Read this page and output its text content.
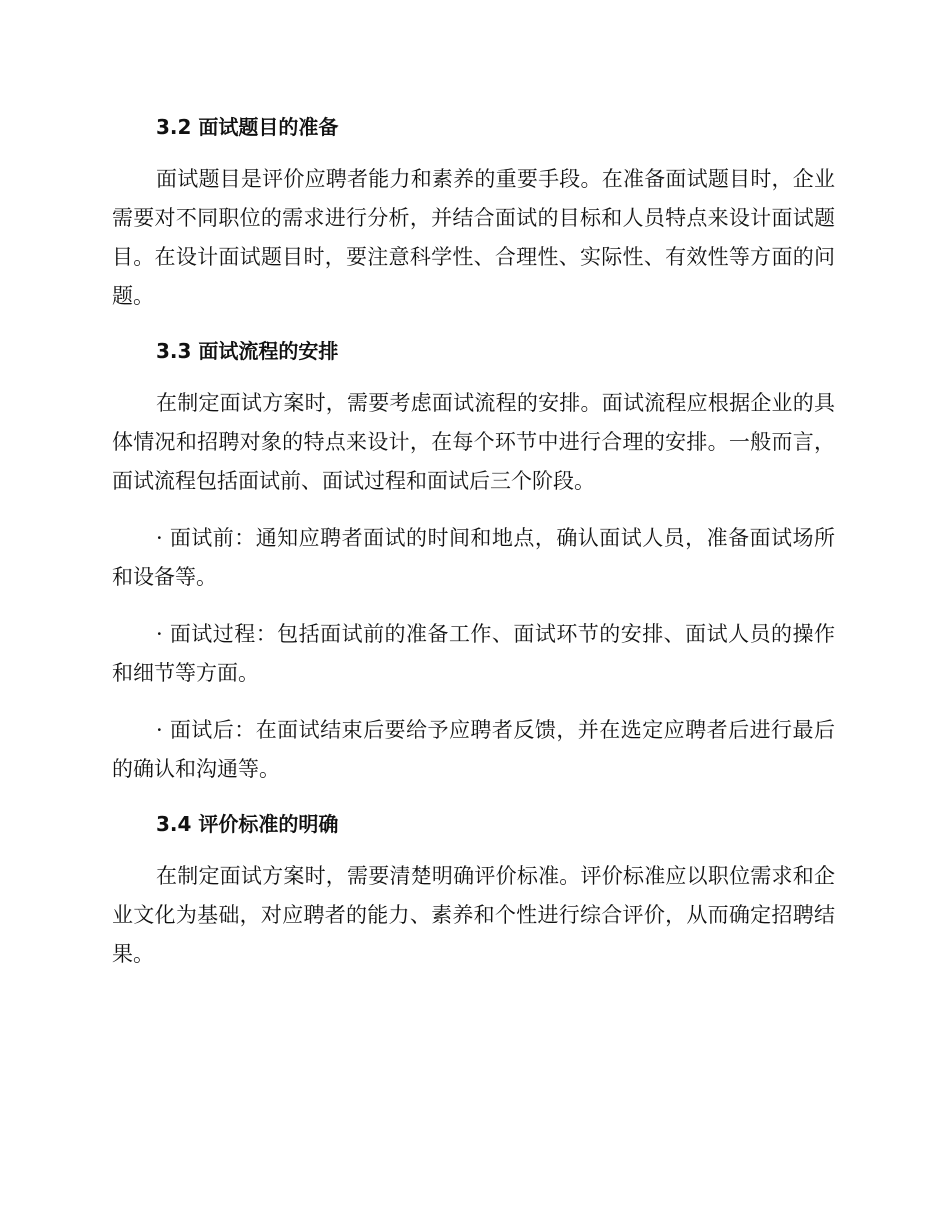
3.2 面试题目的准备

面试题目是评价应聘者能力和素养的重要手段。在准备面试题目时，企业需要对不同职位的需求进行分析，并结合面试的目标和人员特点来设计面试题目。在设计面试题目时，要注意科学性、合理性、实际性、有效性等方面的问题。

3.3 面试流程的安排

在制定面试方案时，需要考虑面试流程的安排。面试流程应根据企业的具体情况和招聘对象的特点来设计，在每个环节中进行合理的安排。一般而言，面试流程包括面试前、面试过程和面试后三个阶段。

· 面试前：通知应聘者面试的时间和地点，确认面试人员，准备面试场所和设备等。

· 面试过程：包括面试前的准备工作、面试环节的安排、面试人员的操作和细节等方面。

· 面试后：在面试结束后要给予应聘者反馈，并在选定应聘者后进行最后的确认和沟通等。

3.4 评价标准的明确

在制定面试方案时，需要清楚明确评价标准。评价标准应以职位需求和企业文化为基础，对应聘者的能力、素养和个性进行综合评价，从而确定招聘结果。
